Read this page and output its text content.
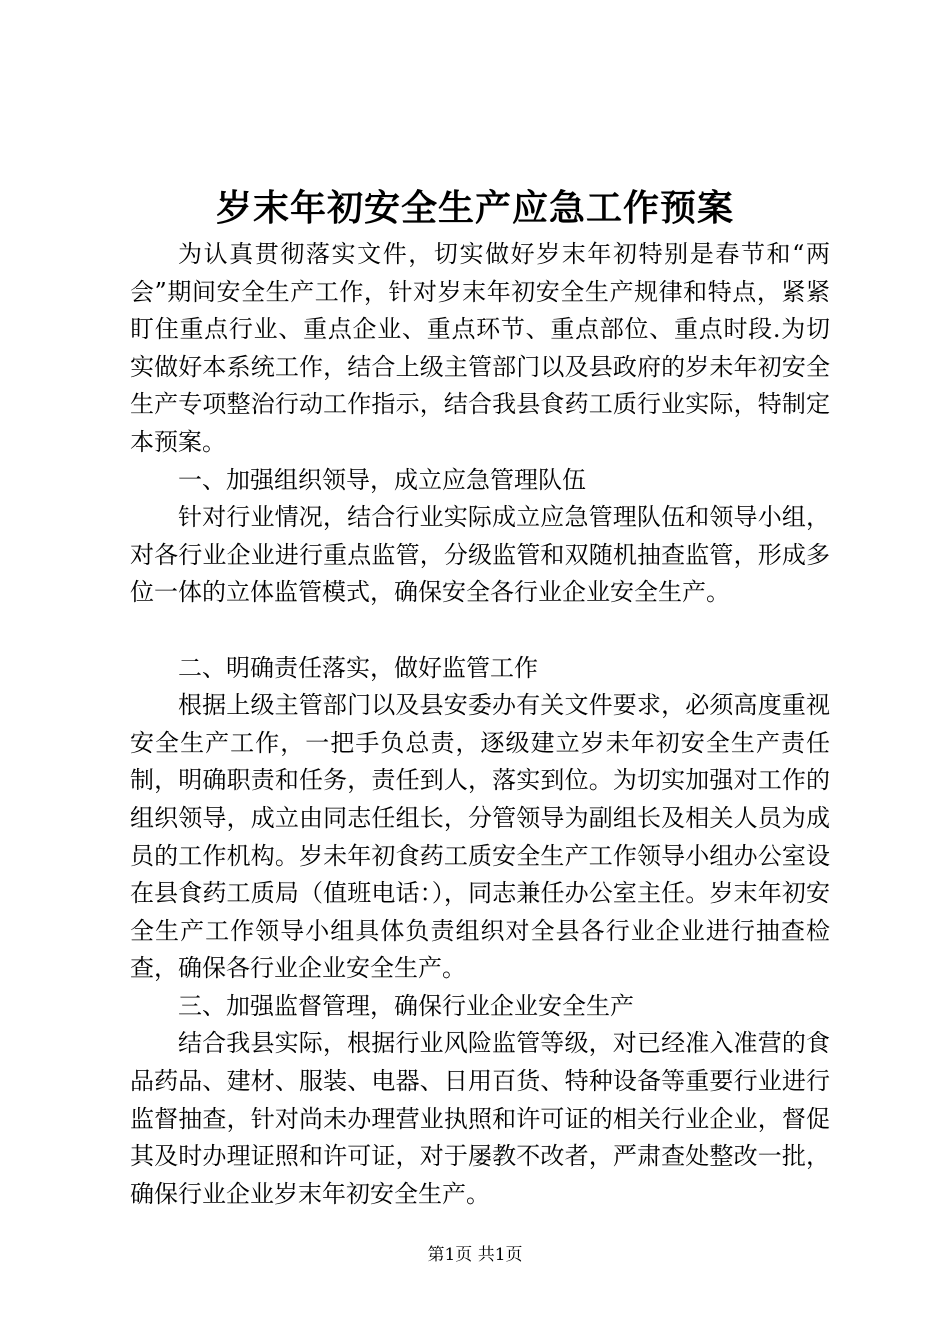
岁末年初安全生产应急工作预案

为认真贯彻落实文件，切实做好岁末年初特别是春节和“两会”期间安全生产工作，针对岁末年初安全生产规律和特点，紧紧盯住重点行业、重点企业、重点环节、重点部位、重点时段.为切实做好本系统工作，结合上级主管部门以及县政府的岁未年初安全生产专项整治行动工作指示，结合我县食药工质行业实际，特制定本预案。

一、加强组织领导，成立应急管理队伍

针对行业情况，结合行业实际成立应急管理队伍和领导小组，对各行业企业进行重点监管，分级监管和双随机抽查监管，形成多位一体的立体监管模式，确保安全各行业企业安全生产。

二、明确责任落实，做好监管工作

根据上级主管部门以及县安委办有关文件要求，必须高度重视安全生产工作，一把手负总责，逐级建立岁未年初安全生产责任制，明确职责和任务，责任到人，落实到位。为切实加强对工作的组织领导，成立由同志任组长，分管领导为副组长及相关人员为成员的工作机构。岁未年初食药工质安全生产工作领导小组办公室设在县食药工质局（值班电话：），同志兼任办公室主任。岁末年初安全生产工作领导小组具体负责组织对全县各行业企业进行抽查检查，确保各行业企业安全生产。

三、加强监督管理，确保行业企业安全生产

结合我县实际，根据行业风险监管等级，对已经准入准营的食品药品、建材、服装、电器、日用百货、特种设备等重要行业进行监督抽查，针对尚未办理营业执照和许可证的相关行业企业，督促其及时办理证照和许可证，对于屡教不改者，严肃查处整改一批，确保行业企业岁末年初安全生产。

第1页 共1页
